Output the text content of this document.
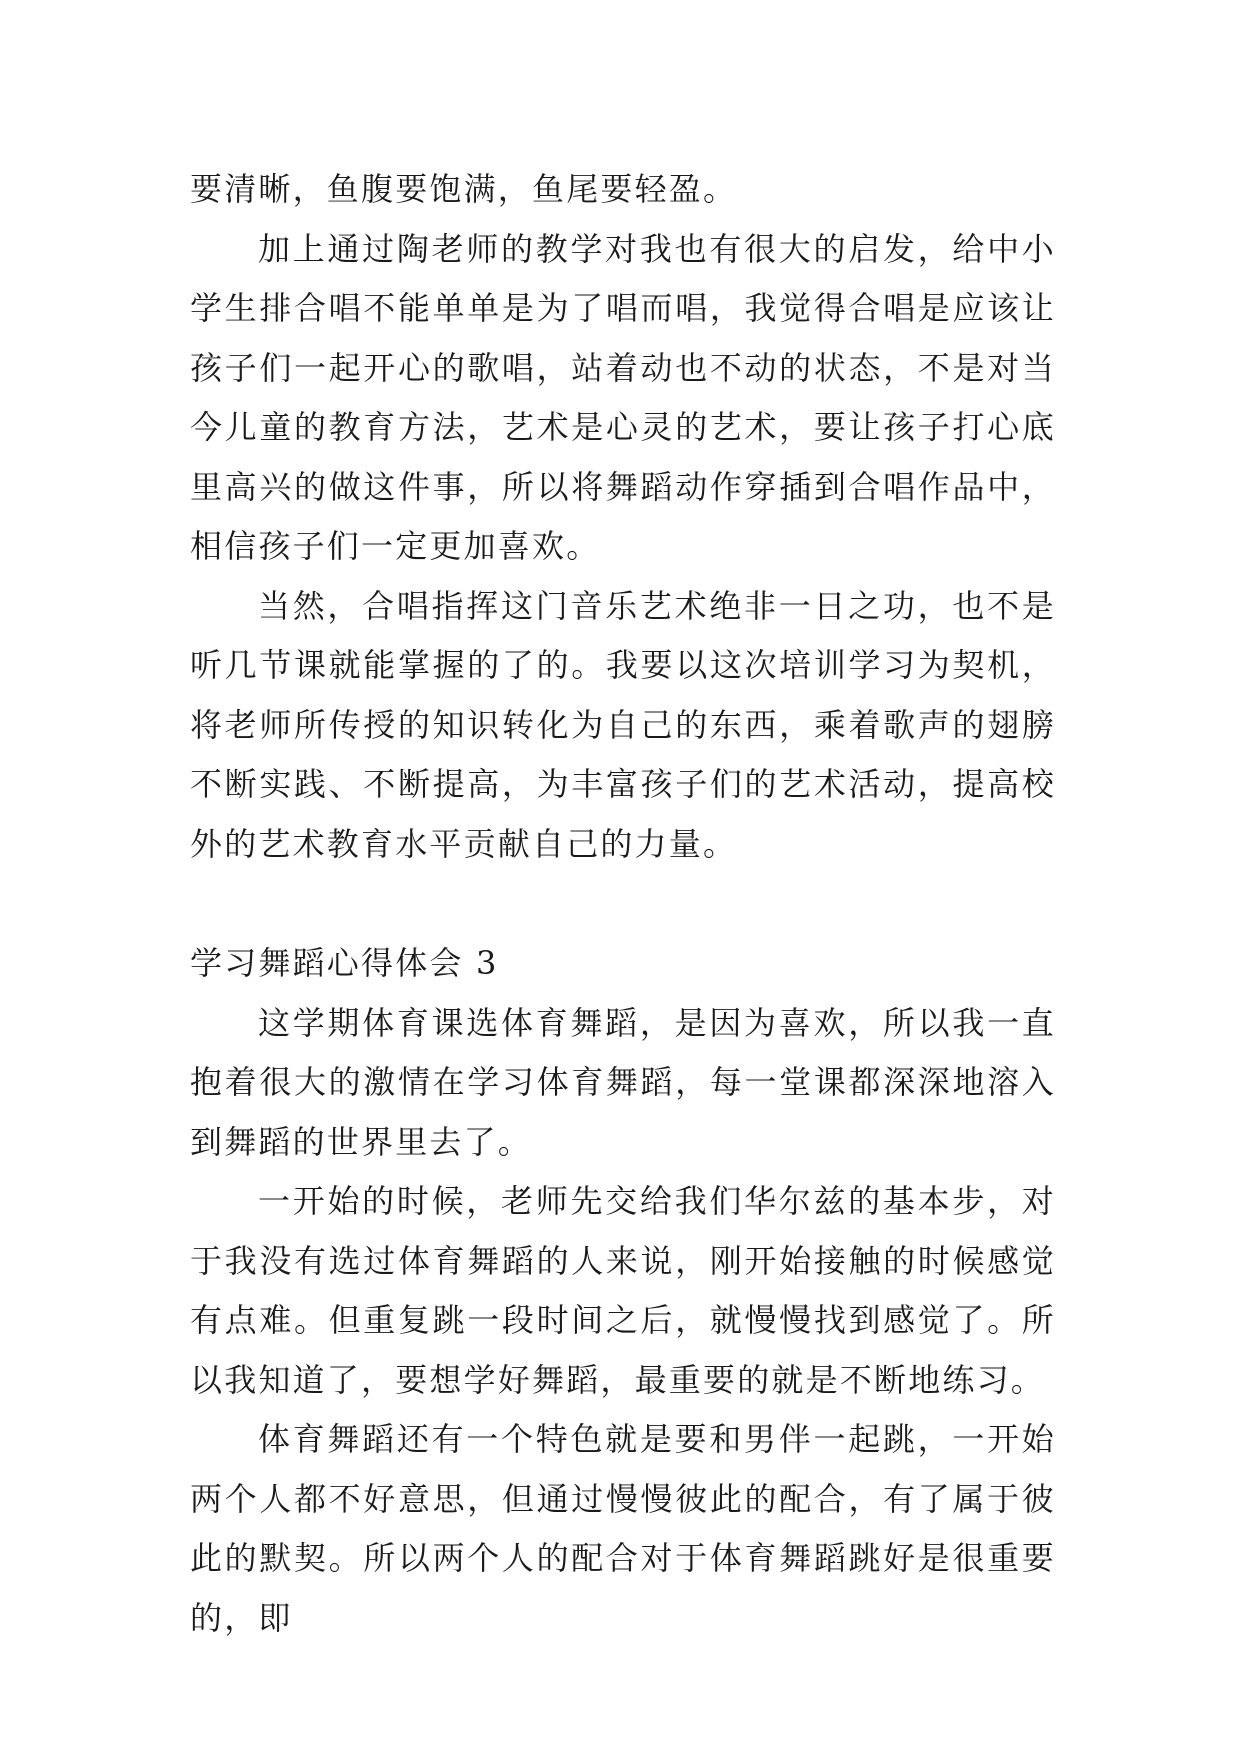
要清晰，鱼腹要饱满，鱼尾要轻盈。

加上通过陶老师的教学对我也有很大的启发，给中小学生排合唱不能单单是为了唱而唱，我觉得合唱是应该让孩子们一起开心的歌唱，站着动也不动的状态，不是对当今儿童的教育方法，艺术是心灵的艺术，要让孩子打心底里高兴的做这件事，所以将舞蹈动作穿插到合唱作品中，相信孩子们一定更加喜欢。

当然，合唱指挥这门音乐艺术绝非一日之功，也不是听几节课就能掌握的了的。我要以这次培训学习为契机，将老师所传授的知识转化为自己的东西，乘着歌声的翅膀不断实践、不断提高，为丰富孩子们的艺术活动，提高校外的艺术教育水平贡献自己的力量。

学习舞蹈心得体会 3

这学期体育课选体育舞蹈，是因为喜欢，所以我一直抱着很大的激情在学习体育舞蹈，每一堂课都深深地溶入到舞蹈的世界里去了。

一开始的时候，老师先交给我们华尔兹的基本步，对于我没有选过体育舞蹈的人来说，刚开始接触的时候感觉有点难。但重复跳一段时间之后，就慢慢找到感觉了。所以我知道了，要想学好舞蹈，最重要的就是不断地练习。

体育舞蹈还有一个特色就是要和男伴一起跳，一开始两个人都不好意思，但通过慢慢彼此的配合，有了属于彼此的默契。所以两个人的配合对于体育舞蹈跳好是很重要的，即
